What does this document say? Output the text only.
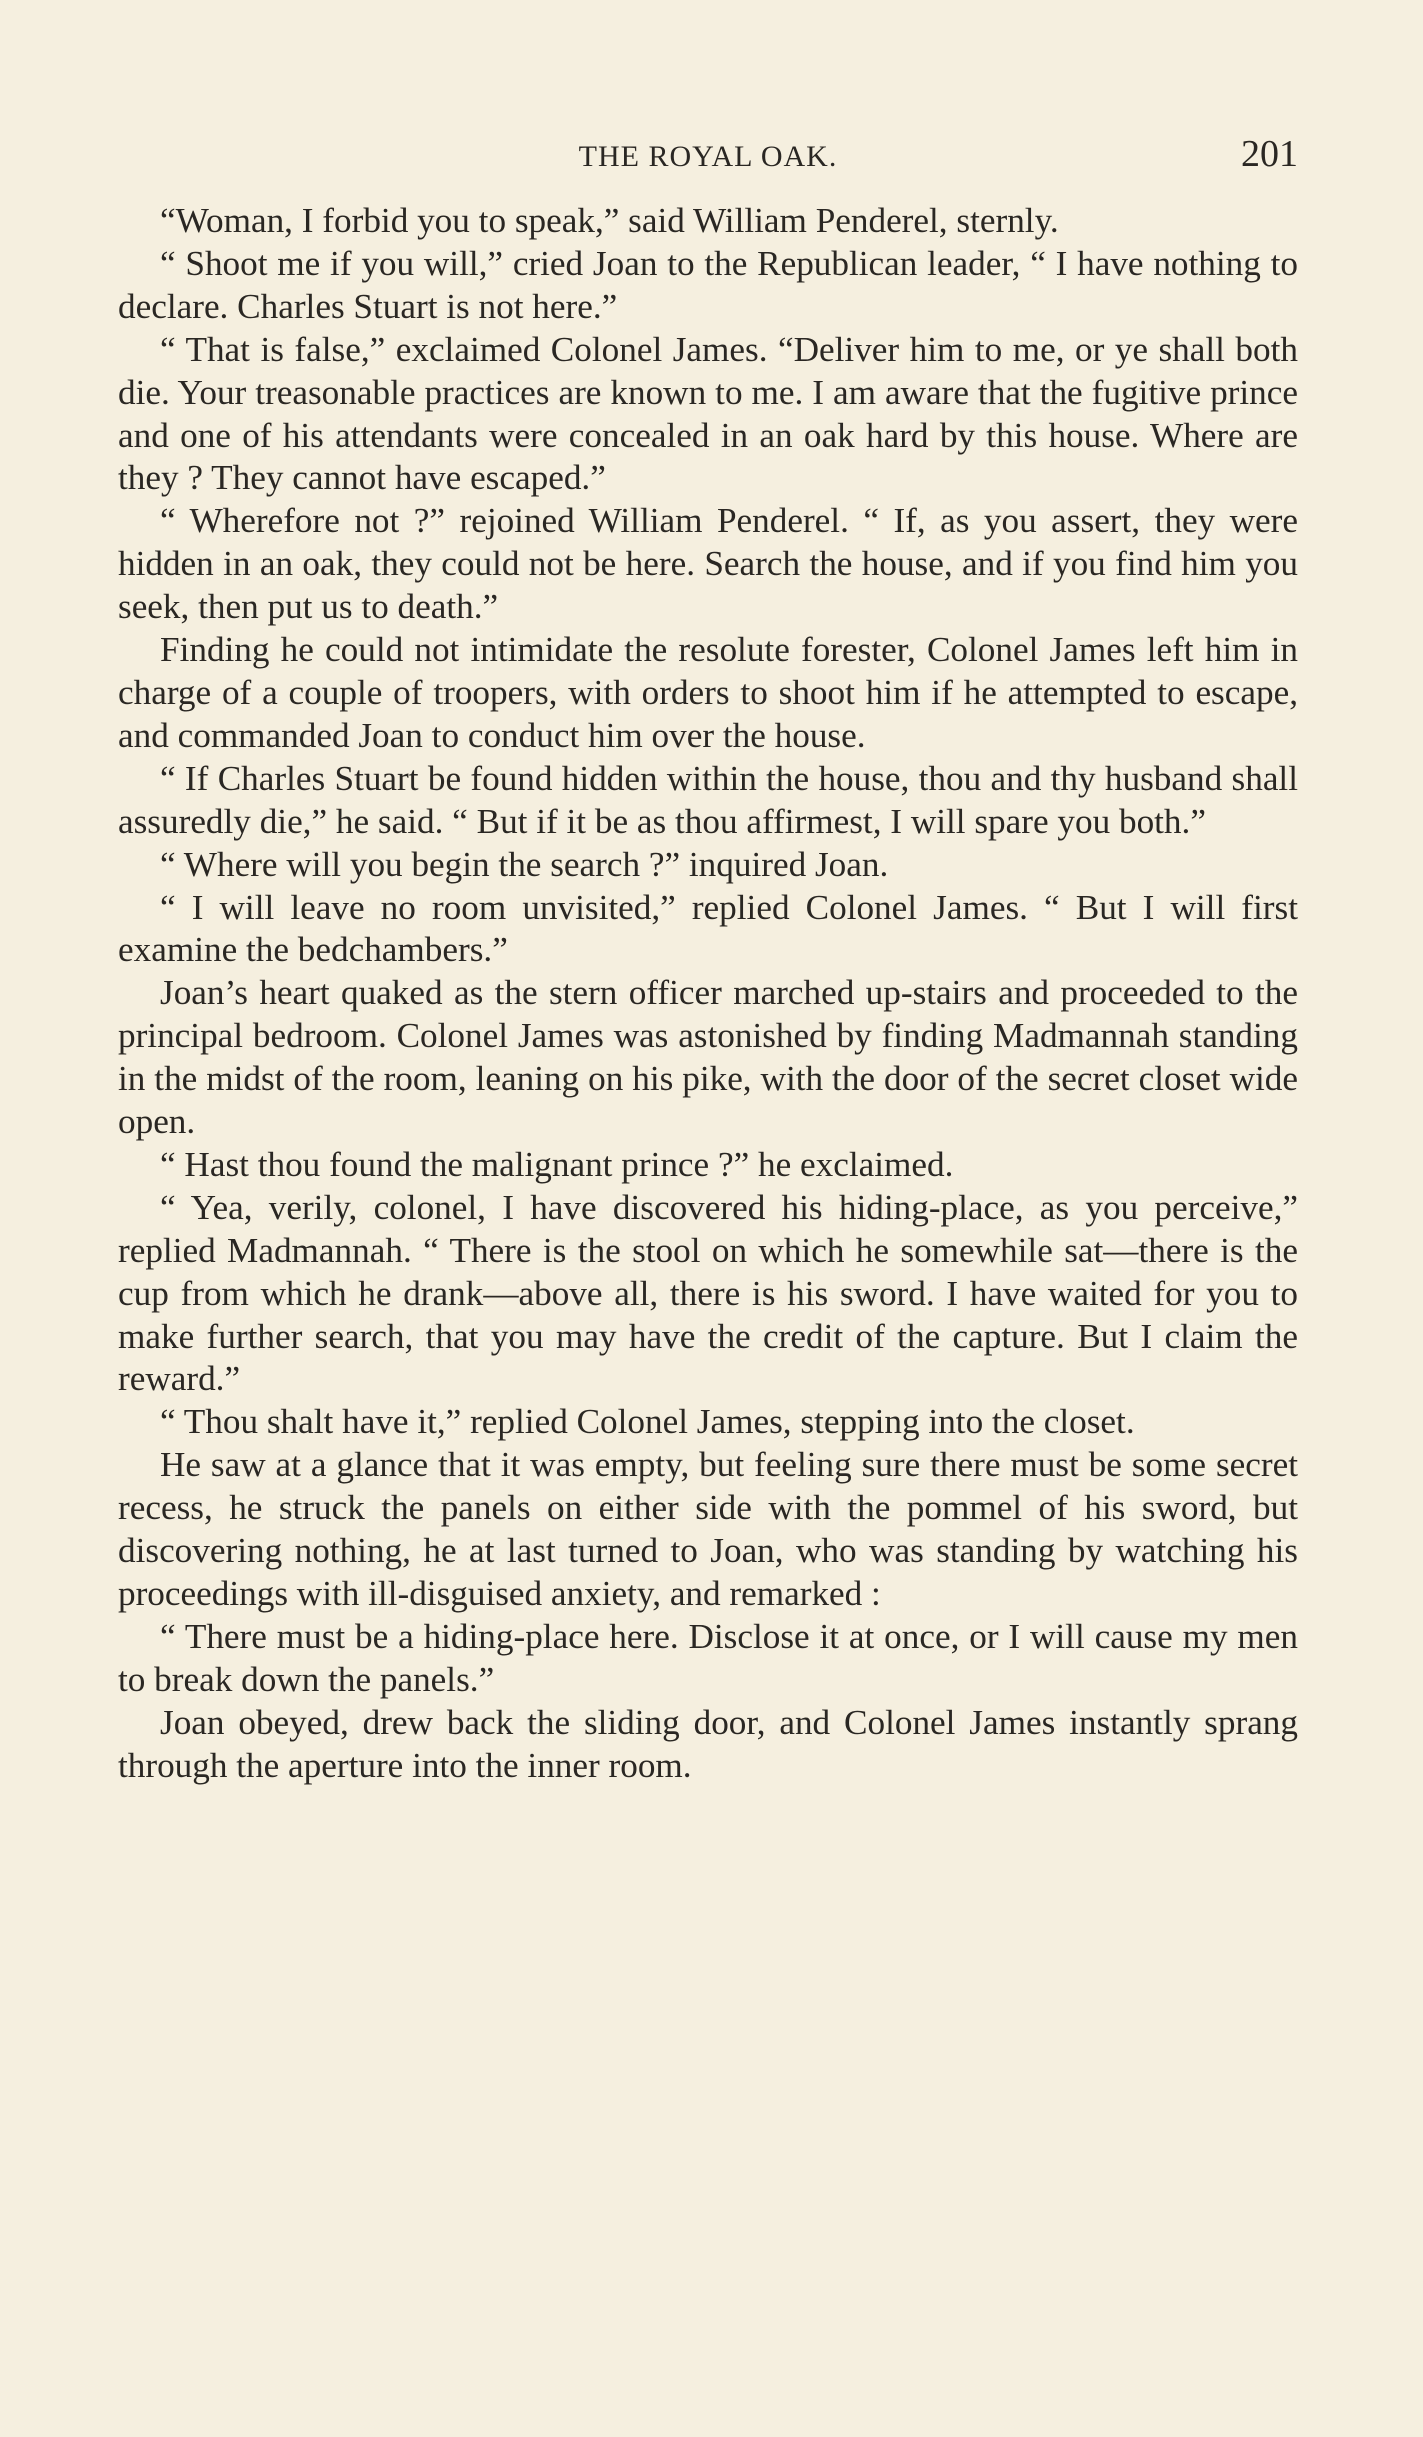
THE ROYAL OAK.	201

“Woman, I forbid you to speak,” said William Penderel, sternly.

“ Shoot me if you will,” cried Joan to the Republican leader, “ I have nothing to declare. Charles Stuart is not here.”

“ That is false,” exclaimed Colonel James. “Deliver him to me, or ye shall both die. Your treasonable practices are known to me. I am aware that the fugitive prince and one of his attendants were concealed in an oak hard by this house. Where are they ? They cannot have escaped.”

“ Wherefore not ?” rejoined William Penderel. “ If, as you assert, they were hidden in an oak, they could not be here. Search the house, and if you find him you seek, then put us to death.”

Finding he could not intimidate the resolute forester, Colonel James left him in charge of a couple of troopers, with orders to shoot him if he attempted to escape, and commanded Joan to conduct him over the house.

“ If Charles Stuart be found hidden within the house, thou and thy husband shall assuredly die,” he said. “ But if it be as thou affirmest, I will spare you both.”

“ Where will you begin the search ?” inquired Joan.

“ I will leave no room unvisited,” replied Colonel James. “ But I will first examine the bedchambers.”

Joan’s heart quaked as the stern officer marched up-stairs and proceeded to the principal bedroom. Colonel James was astonished by finding Madmannah standing in the midst of the room, leaning on his pike, with the door of the secret closet wide open.

“ Hast thou found the malignant prince ?” he exclaimed.

“ Yea, verily, colonel, I have discovered his hiding-place, as you perceive,” replied Madmannah. “ There is the stool on which he somewhile sat—there is the cup from which he drank—above all, there is his sword. I have waited for you to make further search, that you may have the credit of the capture. But I claim the reward.”

“ Thou shalt have it,” replied Colonel James, stepping into the closet.

He saw at a glance that it was empty, but feeling sure there must be some secret recess, he struck the panels on either side with the pommel of his sword, but discovering nothing, he at last turned to Joan, who was standing by watching his proceedings with ill-disguised anxiety, and remarked :

“ There must be a hiding-place here. Disclose it at once, or I will cause my men to break down the panels.”

Joan obeyed, drew back the sliding door, and Colonel James instantly sprang through the aperture into the inner room.
